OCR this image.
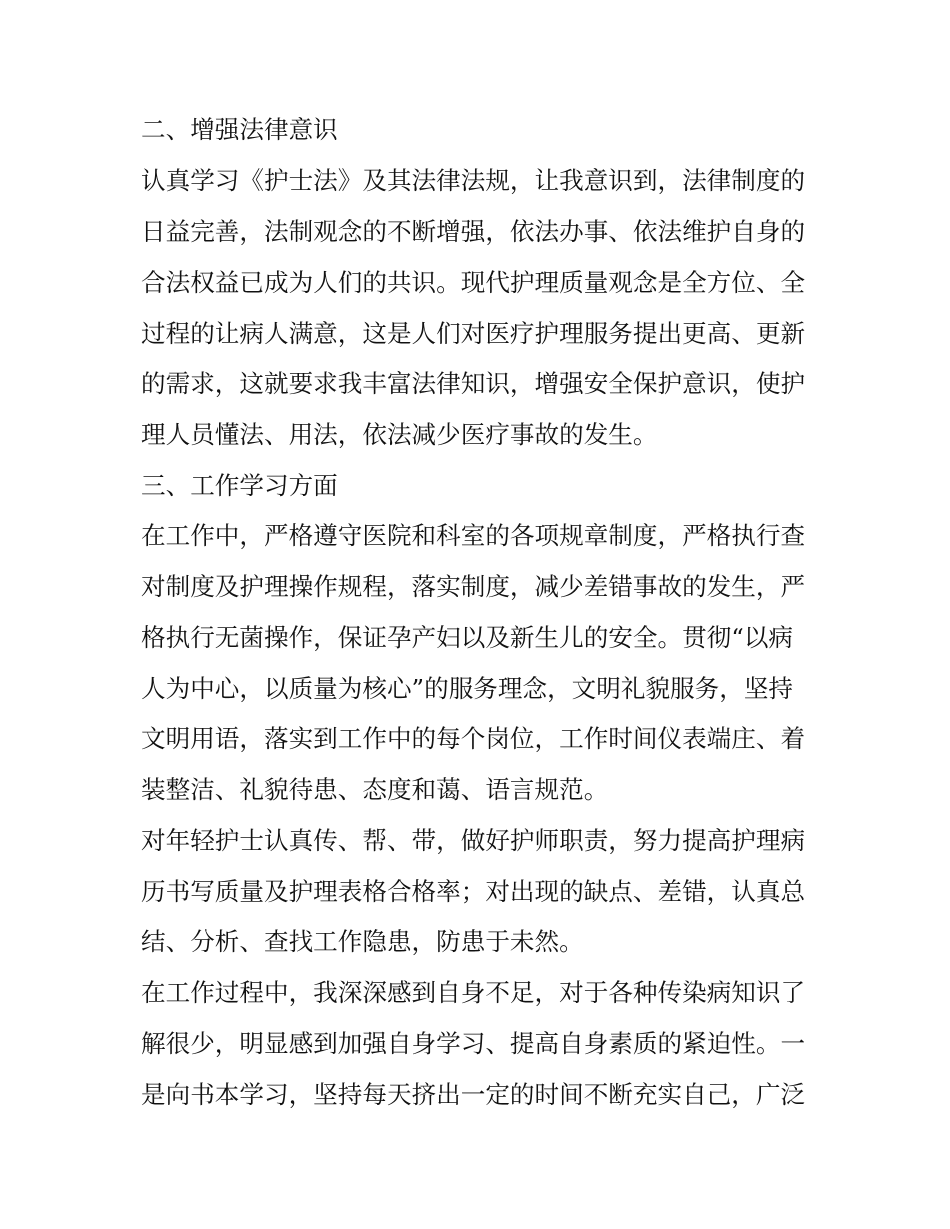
二、增强法律意识
认真学习《护士法》及其法律法规，让我意识到，法律制度的
日益完善，法制观念的不断增强，依法办事、依法维护自身的
合法权益已成为人们的共识。现代护理质量观念是全方位、全
过程的让病人满意，这是人们对医疗护理服务提出更高、更新
的需求，这就要求我丰富法律知识，增强安全保护意识，使护
理人员懂法、用法，依法减少医疗事故的发生。
三、工作学习方面
在工作中，严格遵守医院和科室的各项规章制度，严格执行查
对制度及护理操作规程，落实制度，减少差错事故的发生，严
格执行无菌操作，保证孕产妇以及新生儿的安全。贯彻“以病
人为中心，以质量为核心”的服务理念，文明礼貌服务，坚持
文明用语，落实到工作中的每个岗位，工作时间仪表端庄、着
装整洁、礼貌待患、态度和蔼、语言规范。
对年轻护士认真传、帮、带，做好护师职责，努力提高护理病
历书写质量及护理表格合格率；对出现的缺点、差错，认真总
结、分析、查找工作隐患，防患于未然。
在工作过程中，我深深感到自身不足，对于各种传染病知识了
解很少，明显感到加强自身学习、提高自身素质的紧迫性。一
是向书本学习，坚持每天挤出一定的时间不断充实自己，广泛
